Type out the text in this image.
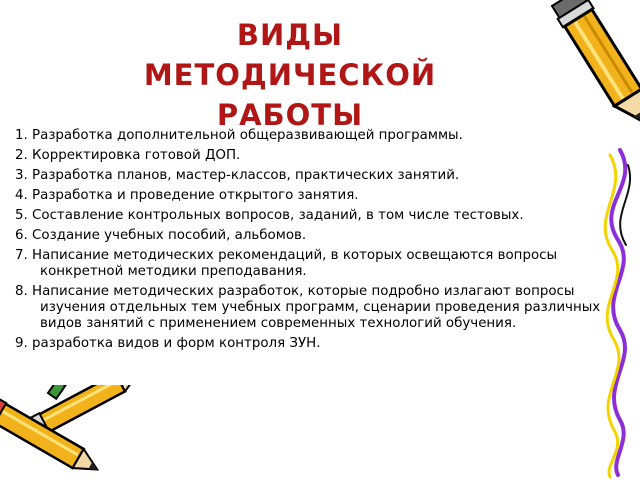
ВИДЫ
МЕТОДИЧЕСКОЙ
РАБОТЫ
1. Разработка дополнительной общеразвивающей программы.
2. Корректировка готовой ДОП.
3. Разработка планов, мастер-классов, практических занятий.
4. Разработка и проведение открытого занятия.
5. Составление контрольных вопросов, заданий, в том числе тестовых.
6. Создание учебных пособий, альбомов.
7. Написание методических рекомендаций, в которых освещаются вопросы конкретной методики преподавания.
8. Написание методических разработок, которые подробно излагают вопросы изучения отдельных тем учебных программ, сценарии проведения различных видов занятий с применением современных технологий обучения.
9. разработка видов и форм контроля ЗУН.
